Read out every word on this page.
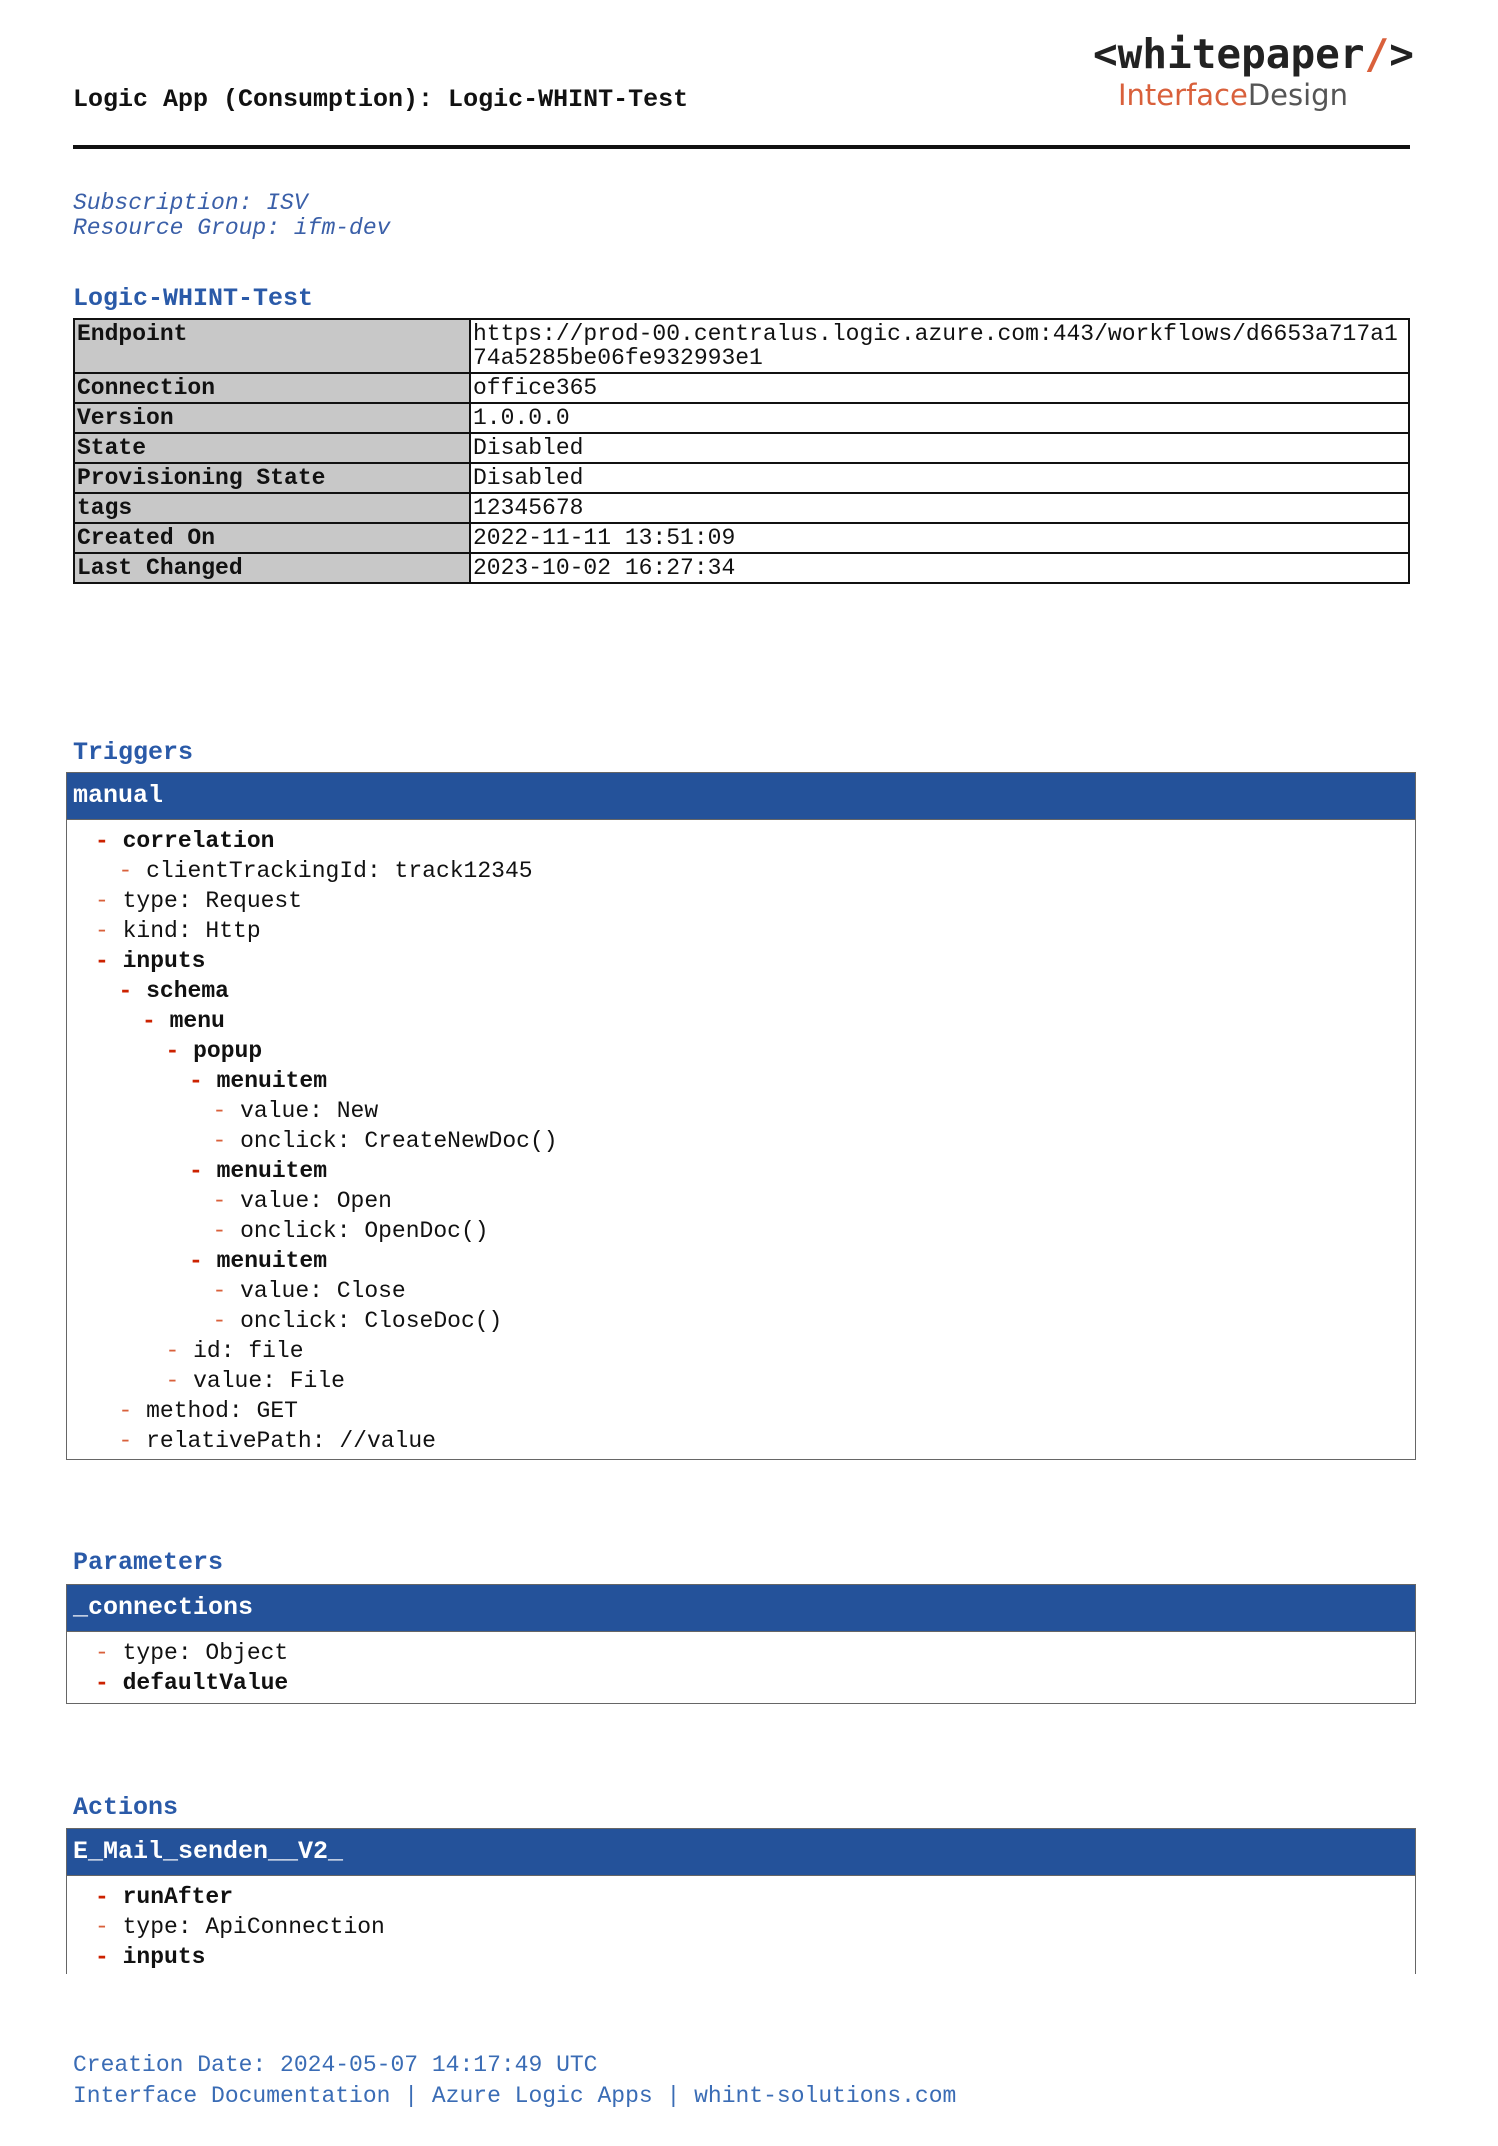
Logic App (Consumption): Logic-WHINT-Test
<whitepaper/>
InterfaceDesign
Subscription: ISV
Resource Group: ifm-dev
Logic-WHINT-Test
Endpoint	https://prod-00.centralus.logic.azure.com:443/workflows/d6653a717a174a5285be06fe932993e1
Connection	office365
Version	1.0.0.0
State	Disabled
Provisioning State	Disabled
tags	12345678
Created On	2022-11-11 13:51:09
Last Changed	2023-10-02 16:27:34
Triggers
manual
- correlation
- clientTrackingId: track12345
- type: Request
- kind: Http
- inputs
- schema
- menu
- popup
- menuitem
- value: New
- onclick: CreateNewDoc()
- menuitem
- value: Open
- onclick: OpenDoc()
- menuitem
- value: Close
- onclick: CloseDoc()
- id: file
- value: File
- method: GET
- relativePath: //value
Parameters
_connections
- type: Object
- defaultValue
Actions
E_Mail_senden__V2_
- runAfter
- type: ApiConnection
- inputs
Creation Date: 2024-05-07 14:17:49 UTC
Interface Documentation | Azure Logic Apps | whint-solutions.com
